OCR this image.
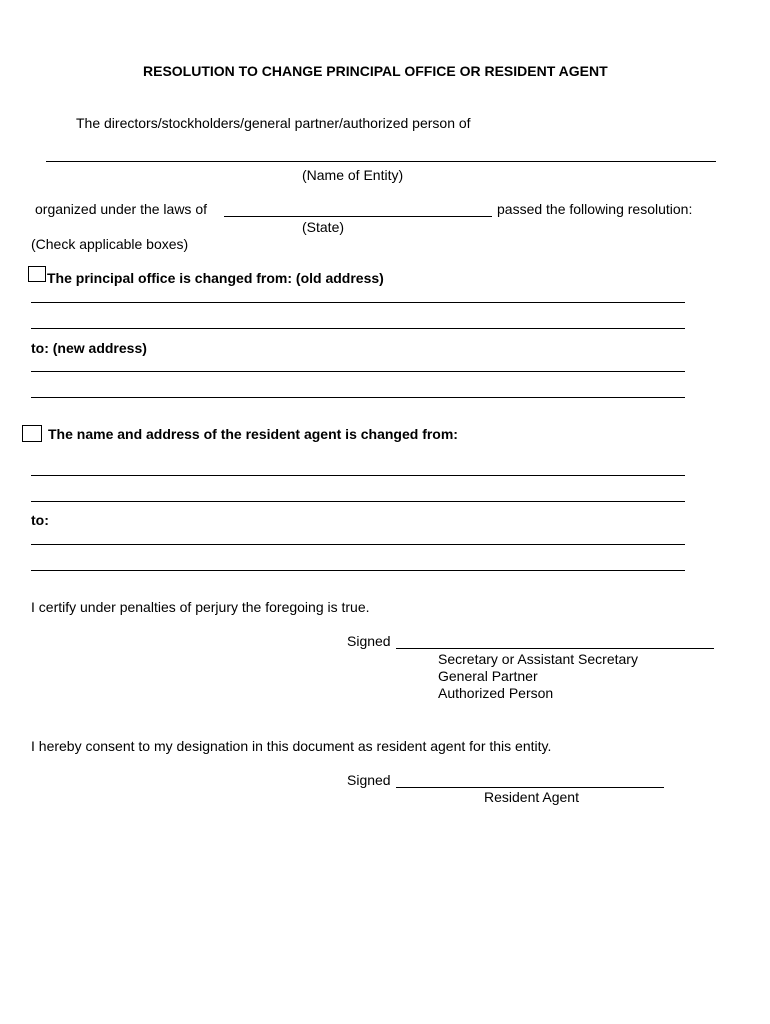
RESOLUTION TO CHANGE PRINCIPAL OFFICE OR RESIDENT AGENT
The directors/stockholders/general partner/authorized person of
(Name of Entity)
organized under the laws of	passed the following resolution:
(State)
(Check applicable boxes)
The principal office is changed from: (old address)
to: (new address)
The name and address of the resident agent is changed from:
to:
I certify under penalties of perjury the foregoing is true.
Signed
Secretary or Assistant Secretary
General Partner
Authorized Person
I hereby consent to my designation in this document as resident agent for this entity.
Signed
Resident Agent
